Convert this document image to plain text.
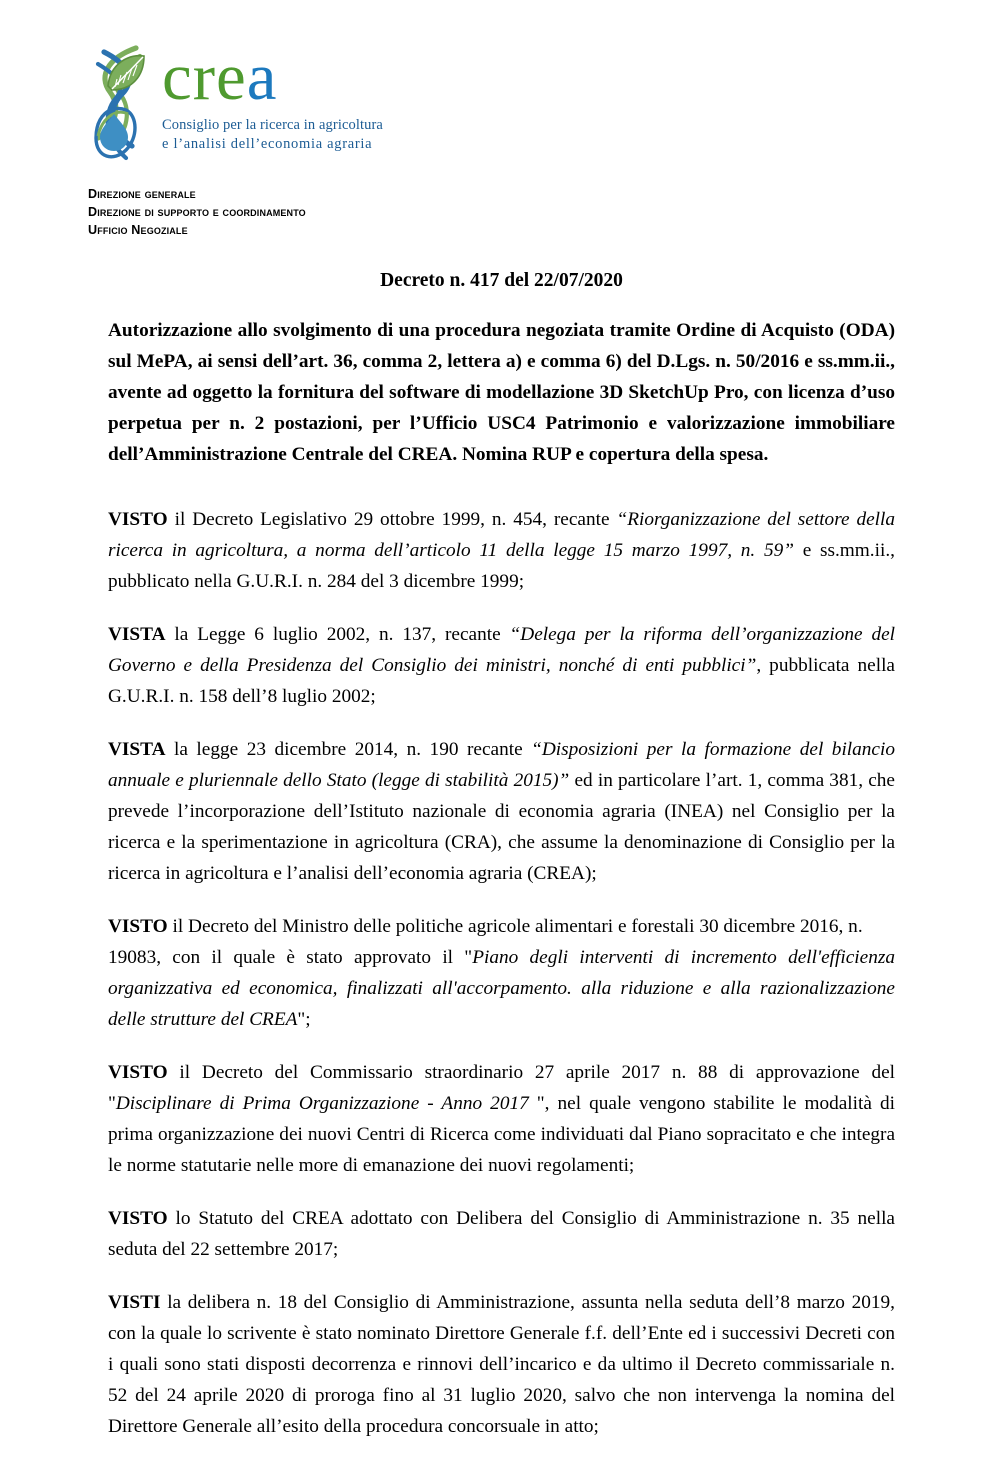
crea
Consiglio per la ricerca in agricoltura
e l’analisi dell’economia agraria
Direzione generale
Direzione di supporto e coordinamento
Ufficio Negoziale
Decreto n. 417 del 22/07/2020

Autorizzazione allo svolgimento di una procedura negoziata tramite Ordine di Acquisto (ODA) sul MePA, ai sensi dell’art. 36, comma 2, lettera a) e comma 6) del D.Lgs. n. 50/2016 e ss.mm.ii., avente ad oggetto la fornitura del software di modellazione 3D SketchUp Pro, con licenza d’uso perpetua per n. 2 postazioni, per l’Ufficio USC4 Patrimonio e valorizzazione immobiliare dell’Amministrazione Centrale del CREA. Nomina RUP e copertura della spesa.

VISTO il Decreto Legislativo 29 ottobre 1999, n. 454, recante “Riorganizzazione del settore della ricerca in agricoltura, a norma dell’articolo 11 della legge 15 marzo 1997, n. 59” e ss.mm.ii., pubblicato nella G.U.R.I. n. 284 del 3 dicembre 1999;

VISTA la Legge 6 luglio 2002, n. 137, recante “Delega per la riforma dell’organizzazione del Governo e della Presidenza del Consiglio dei ministri, nonché di enti pubblici”, pubblicata nella G.U.R.I. n. 158 dell’8 luglio 2002;

VISTA la legge 23 dicembre 2014, n. 190 recante “Disposizioni per la formazione del bilancio annuale e pluriennale dello Stato (legge di stabilità 2015)” ed in particolare l’art. 1, comma 381, che prevede l’incorporazione dell’Istituto nazionale di economia agraria (INEA) nel Consiglio per la ricerca e la sperimentazione in agricoltura (CRA), che assume la denominazione di Consiglio per la ricerca in agricoltura e l’analisi dell’economia agraria (CREA);

VISTO il Decreto del Ministro delle politiche agricole alimentari e forestali 30 dicembre 2016, n.
19083, con il quale è stato approvato il "Piano degli interventi di incremento dell'efficienza organizzativa ed economica, finalizzati all'accorpamento. alla riduzione e alla razionalizzazione delle strutture del CREA";

VISTO il Decreto del Commissario straordinario 27 aprile 2017 n. 88 di approvazione del "Disciplinare di Prima Organizzazione - Anno 2017 ", nel quale vengono stabilite le modalità di prima organizzazione dei nuovi Centri di Ricerca come individuati dal Piano sopracitato e che integra le norme statutarie nelle more di emanazione dei nuovi regolamenti;

VISTO lo Statuto del CREA adottato con Delibera del Consiglio di Amministrazione n. 35 nella seduta del 22 settembre 2017;

VISTI la delibera n. 18 del Consiglio di Amministrazione, assunta nella seduta dell’8 marzo 2019, con la quale lo scrivente è stato nominato Direttore Generale f.f. dell’Ente ed i successivi Decreti con i quali sono stati disposti decorrenza e rinnovi dell’incarico e da ultimo il Decreto commissariale n. 52 del 24 aprile 2020 di proroga fino al 31 luglio 2020, salvo che non intervenga la nomina del Direttore Generale all’esito della procedura concorsuale in atto;
